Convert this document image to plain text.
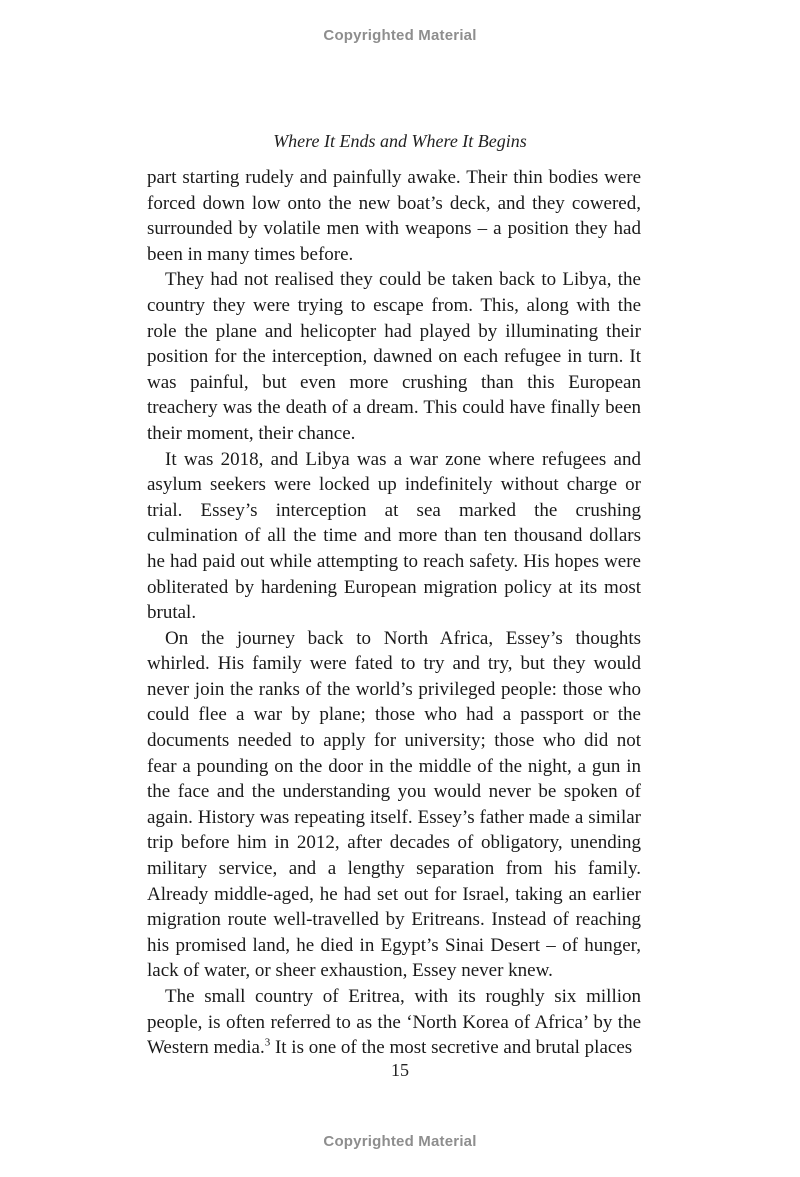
Copyrighted Material
Where It Ends and Where It Begins

part starting rudely and painfully awake. Their thin bodies were forced down low onto the new boat’s deck, and they cowered, surrounded by volatile men with weapons – a position they had been in many times before.

They had not realised they could be taken back to Libya, the country they were trying to escape from. This, along with the role the plane and helicopter had played by illuminating their position for the interception, dawned on each refugee in turn. It was painful, but even more crushing than this European treachery was the death of a dream. This could have finally been their moment, their chance.

It was 2018, and Libya was a war zone where refugees and asylum seekers were locked up indefinitely without charge or trial. Essey’s interception at sea marked the crushing culmination of all the time and more than ten thousand dollars he had paid out while attempting to reach safety. His hopes were obliterated by hardening European migration policy at its most brutal.

On the journey back to North Africa, Essey’s thoughts whirled. His family were fated to try and try, but they would never join the ranks of the world’s privileged people: those who could flee a war by plane; those who had a passport or the documents needed to apply for university; those who did not fear a pounding on the door in the middle of the night, a gun in the face and the understanding you would never be spoken of again. History was repeating itself. Essey’s father made a similar trip before him in 2012, after decades of obligatory, unending military service, and a lengthy separation from his family. Already middle-aged, he had set out for Israel, taking an earlier migration route well-travelled by Eritreans. Instead of reaching his promised land, he died in Egypt’s Sinai Desert – of hunger, lack of water, or sheer exhaustion, Essey never knew.

The small country of Eritrea, with its roughly six million people, is often referred to as the ‘North Korea of Africa’ by the Western media.$^3$ It is one of the most secretive and brutal places

15
Copyrighted Material
